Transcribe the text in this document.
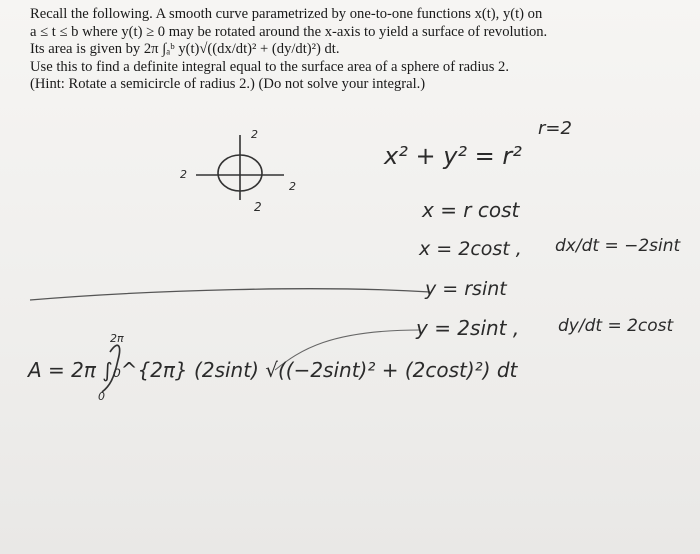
Recall the following. A smooth curve parametrized by one-to-one functions x(t), y(t) on

a ≤ t ≤ b where y(t) ≥ 0 may be rotated around the x-axis to yield a surface of revolution.

Its area is given by 2π ∫ₐᵇ y(t)√((dx/dt)² + (dy/dt)²) dt.

Use this to find a definite integral equal to the surface area of a sphere of radius 2.

(Hint: Rotate a semicircle of radius 2.) (Do not solve your integral.)

r=2
2
2
2
2
x² + y² = r²
x = r cost
x = 2cost , dx/dt = −2sint
y = rsint
y = 2sint , dy/dt = 2cost
A = 2π ∫₀^{2π} (2sint) √((−2sint)² + (2cost)²) dt
2π
0
